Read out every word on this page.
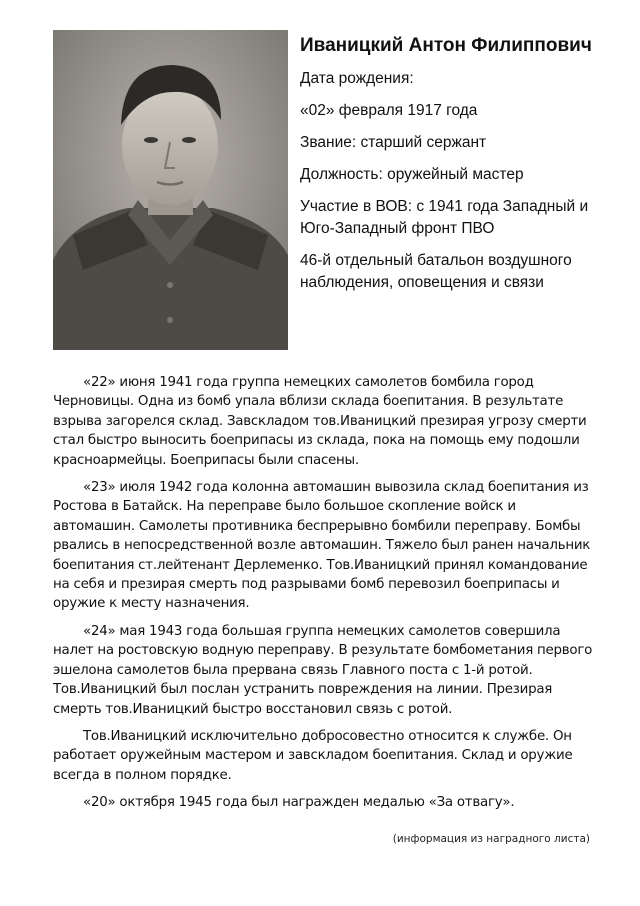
Иваницкий Антон Филиппович
Дата рождения:
«02» февраля 1917 года
Звание: старший сержант
Должность: оружейный мастер
Участие в ВОВ: с 1941 года Западный и Юго-Западный фронт ПВО
46-й отдельный батальон воздушного наблюдения, оповещения и связи

«22» июня 1941 года группа немецких самолетов бомбила город Черновицы. Одна из бомб упала вблизи склада боепитания. В результате взрыва загорелся склад. Завскладом тов.Иваницкий презирая угрозу смерти стал быстро выносить боеприпасы из склада, пока на помощь ему подошли красноармейцы. Боеприпасы были спасены.

«23» июля 1942 года колонна автомашин вывозила склад боепитания из Ростова в Батайск. На переправе было большое скопление войск и автомашин. Самолеты противника беспрерывно бомбили переправу. Бомбы рвались в непосредственной возле автомашин. Тяжело был ранен начальник боепитания ст.лейтенант Дерлеменко. Тов.Иваницкий принял командование на себя и презирая смерть под разрывами бомб перевозил боеприпасы и оружие к месту назначения.

«24» мая 1943 года большая группа немецких самолетов совершила налет на ростовскую водную переправу. В результате бомбометания первого эшелона самолетов была прервана связь Главного поста с 1-й ротой. Тов.Иваницкий был послан устранить повреждения на линии. Презирая смерть тов.Иваницкий быстро восстановил связь с ротой.

Тов.Иваницкий исключительно добросовестно относится к службе. Он работает оружейным мастером и завскладом боепитания. Склад и оружие всегда в полном порядке.

«20» октября 1945 года был награжден медалью «За отвагу».

(информация из наградного листа)
